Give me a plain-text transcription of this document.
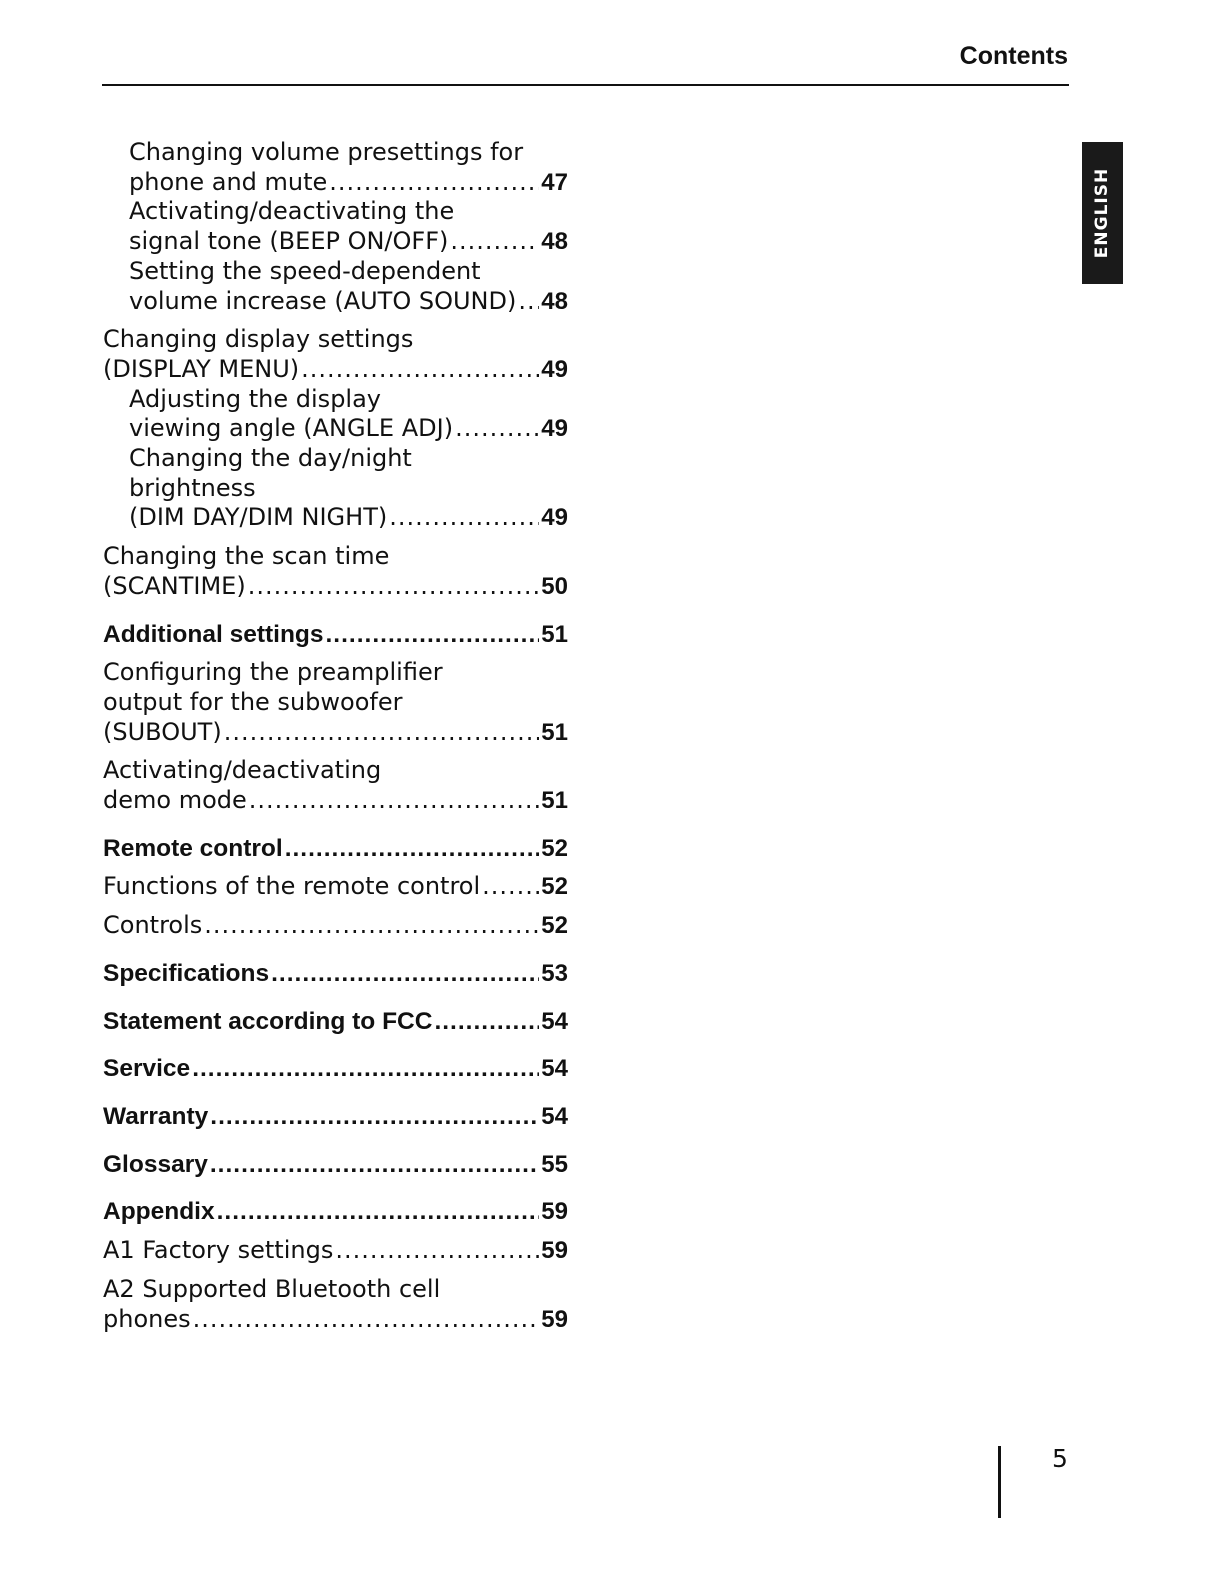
Contents
ENGLISH
Changing volume presettings for
phone and mute .....	47
Activating/deactivating the
signal tone (BEEP ON/OFF) .....	48
Setting the speed-dependent
volume increase (AUTO SOUND) ..... 48
Changing display settings
(DISPLAY MENU) .....	49
Adjusting the display
viewing angle (ANGLE ADJ) .....	49
Changing the day/night
brightness
(DIM DAY/DIM NIGHT) .....	49
Changing the scan time
(SCANTIME) .....	50
Additional settings .....	51
Configuring the preamplifier
output for the subwoofer
(SUBOUT) .....	51
Activating/deactivating
demo mode .....	51
Remote control .....	52
Functions of the remote control .....	52
Controls .....	52
Specifications .....	53
Statement according to FCC .....	54
Service .....	54
Warranty .....	54
Glossary .....	55
Appendix .....	59
A1 Factory settings .....	59
A2 Supported Bluetooth cell
phones .....	59
5
